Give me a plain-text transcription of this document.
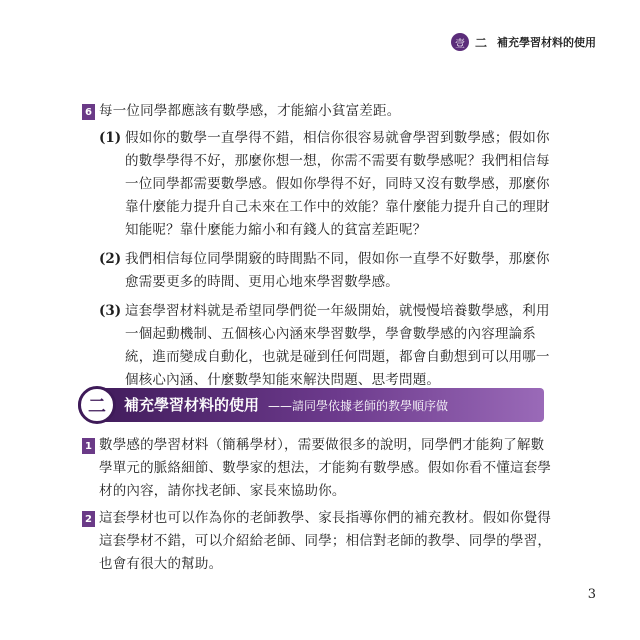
壹 二 補充學習材料的使用
6 每一位同學都應該有數學感，才能縮小貧富差距。
(1) 假如你的數學一直學得不錯，相信你很容易就會學習到數學感；假如你的數學學得不好，那麼你想一想，你需不需要有數學感呢？我們相信每一位同學都需要數學感。假如你學得不好，同時又沒有數學感，那麼你靠什麼能力提升自己未來在工作中的效能？靠什麼能力提升自己的理財知能呢？靠什麼能力縮小和有錢人的貧富差距呢？
(2) 我們相信每位同學開竅的時間點不同，假如你一直學不好數學，那麼你愈需要更多的時間、更用心地來學習數學感。
(3) 這套學習材料就是希望同學們從一年級開始，就慢慢培養數學感，利用一個起動機制、五個核心內涵來學習數學，學會數學感的內容理論系統，進而變成自動化，也就是碰到任何問題，都會自動想到可以用哪一個核心內涵、什麼數學知能來解決問題、思考問題。
二	補充學習材料的使用 ——請同學依據老師的教學順序做
1 數學感的學習材料（簡稱學材），需要做很多的說明，同學們才能夠了解數學單元的脈絡細節、數學家的想法，才能夠有數學感。假如你看不懂這套學材的內容，請你找老師、家長來協助你。
2 這套學材也可以作為你的老師教學、家長指導你們的補充教材。假如你覺得這套學材不錯，可以介紹給老師、同學；相信對老師的教學、同學的學習，也會有很大的幫助。
3
